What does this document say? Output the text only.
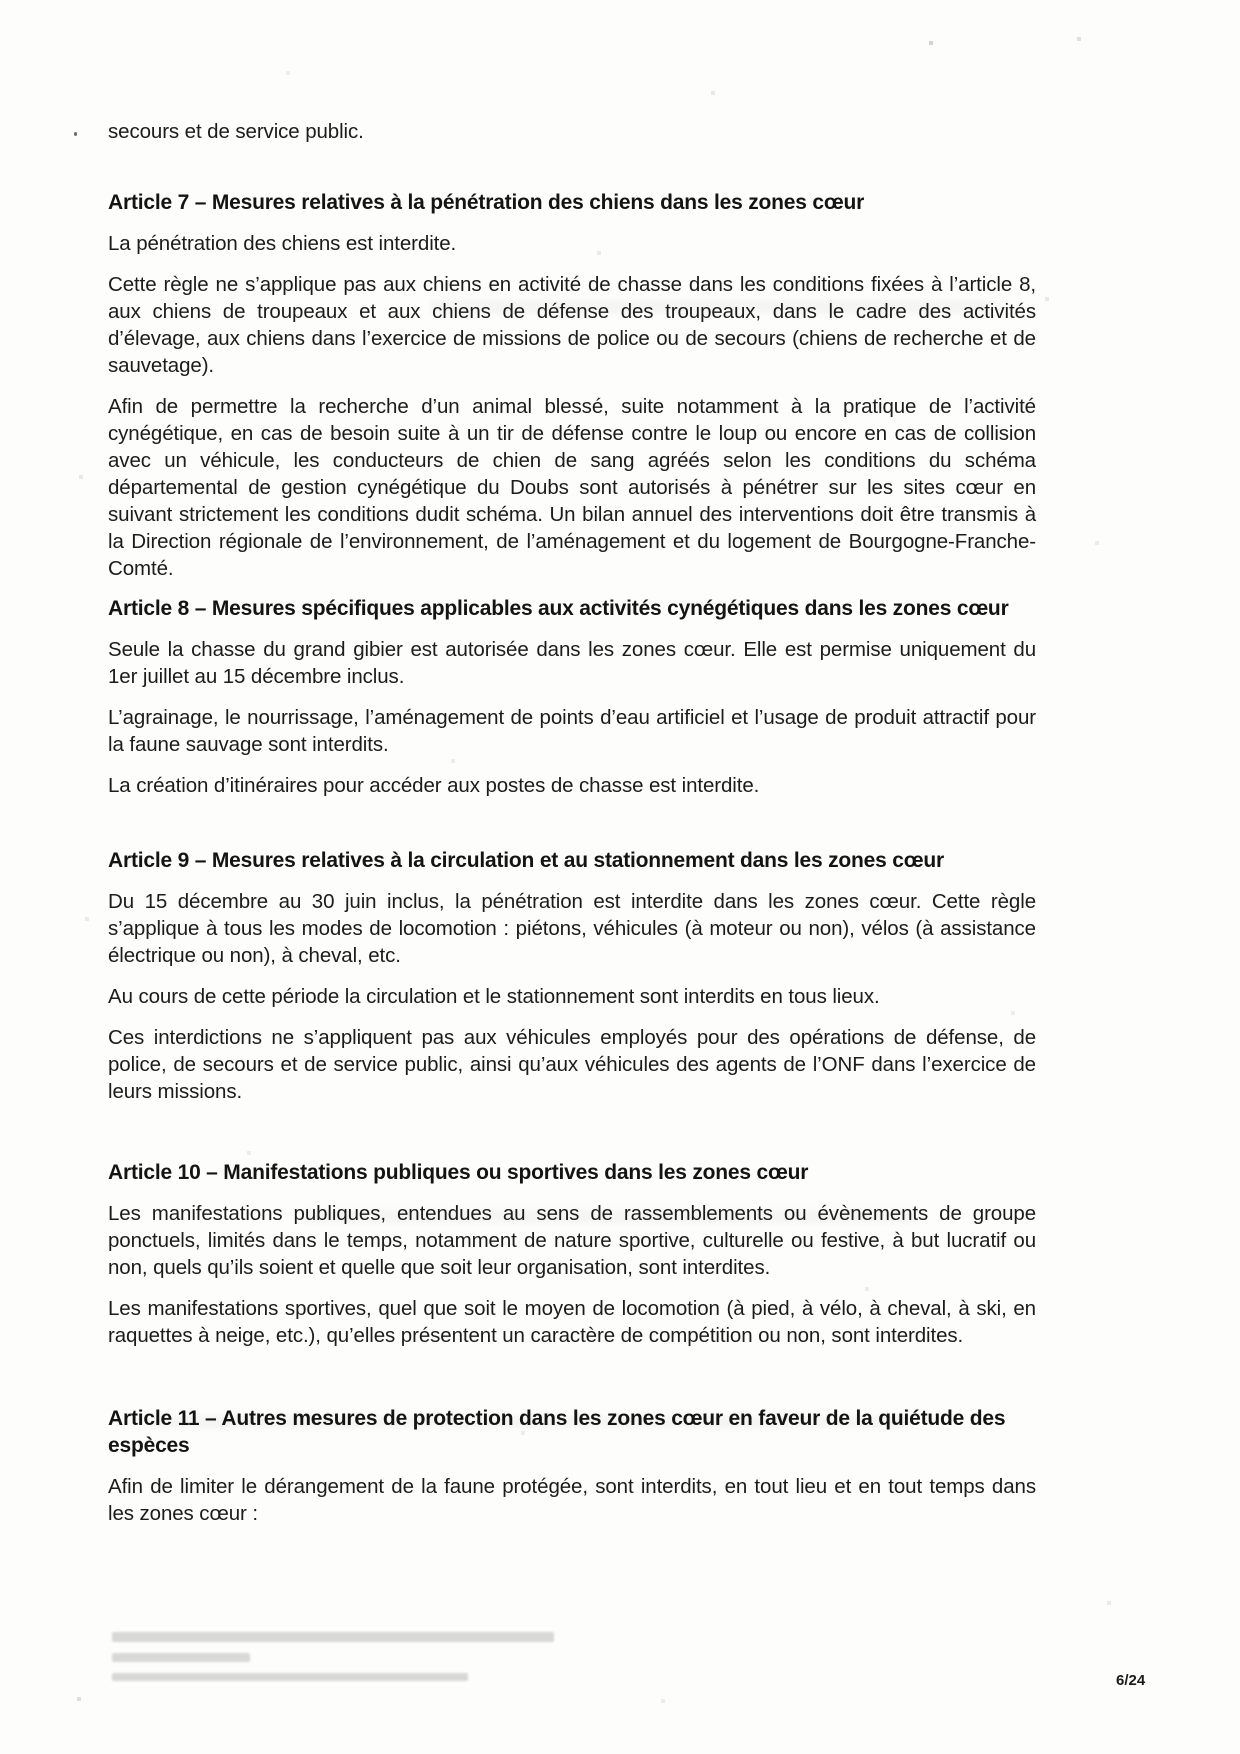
secours et de service public.

Article 7 – Mesures relatives à la pénétration des chiens dans les zones cœur

La pénétration des chiens est interdite.

Cette règle ne s’applique pas aux chiens en activité de chasse dans les conditions fixées à l’article 8, aux chiens de troupeaux et aux chiens de défense des troupeaux, dans le cadre des activités d’élevage, aux chiens dans l’exercice de missions de police ou de secours (chiens de recherche et de sauvetage).

Afin de permettre la recherche d’un animal blessé, suite notamment à la pratique de l’activité cynégétique, en cas de besoin suite à un tir de défense contre le loup ou encore en cas de collision avec un véhicule, les conducteurs de chien de sang agréés selon les conditions du schéma départemental de gestion cynégétique du Doubs sont autorisés à pénétrer sur les sites cœur en suivant strictement les conditions dudit schéma. Un bilan annuel des interventions doit être transmis à la Direction régionale de l’environnement, de l’aménagement et du logement de Bourgogne-Franche-Comté.

Article 8 – Mesures spécifiques applicables aux activités cynégétiques dans les zones cœur

Seule la chasse du grand gibier est autorisée dans les zones cœur. Elle est permise uniquement du 1er juillet au 15 décembre inclus.

L’agrainage, le nourrissage, l’aménagement de points d’eau artificiel et l’usage de produit attractif pour la faune sauvage sont interdits.

La création d’itinéraires pour accéder aux postes de chasse est interdite.

Article 9 – Mesures relatives à la circulation et au stationnement dans les zones cœur

Du 15 décembre au 30 juin inclus, la pénétration est interdite dans les zones cœur. Cette règle s’applique à tous les modes de locomotion : piétons, véhicules (à moteur ou non), vélos (à assistance électrique ou non), à cheval, etc.

Au cours de cette période la circulation et le stationnement sont interdits en tous lieux.

Ces interdictions ne s’appliquent pas aux véhicules employés pour des opérations de défense, de police, de secours et de service public, ainsi qu’aux véhicules des agents de l’ONF dans l’exercice de leurs missions.

Article 10 – Manifestations publiques ou sportives dans les zones cœur

Les manifestations publiques, entendues au sens de rassemblements ou évènements de groupe ponctuels, limités dans le temps, notamment de nature sportive, culturelle ou festive, à but lucratif ou non, quels qu’ils soient et quelle que soit leur organisation, sont interdites.

Les manifestations sportives, quel que soit le moyen de locomotion (à pied, à vélo, à cheval, à ski, en raquettes à neige, etc.), qu’elles présentent un caractère de compétition ou non, sont interdites.

Article 11 – Autres mesures de protection dans les zones cœur en faveur de la quiétude des espèces

Afin de limiter le dérangement de la faune protégée, sont interdits, en tout lieu et en tout temps dans les zones cœur :

6/24
